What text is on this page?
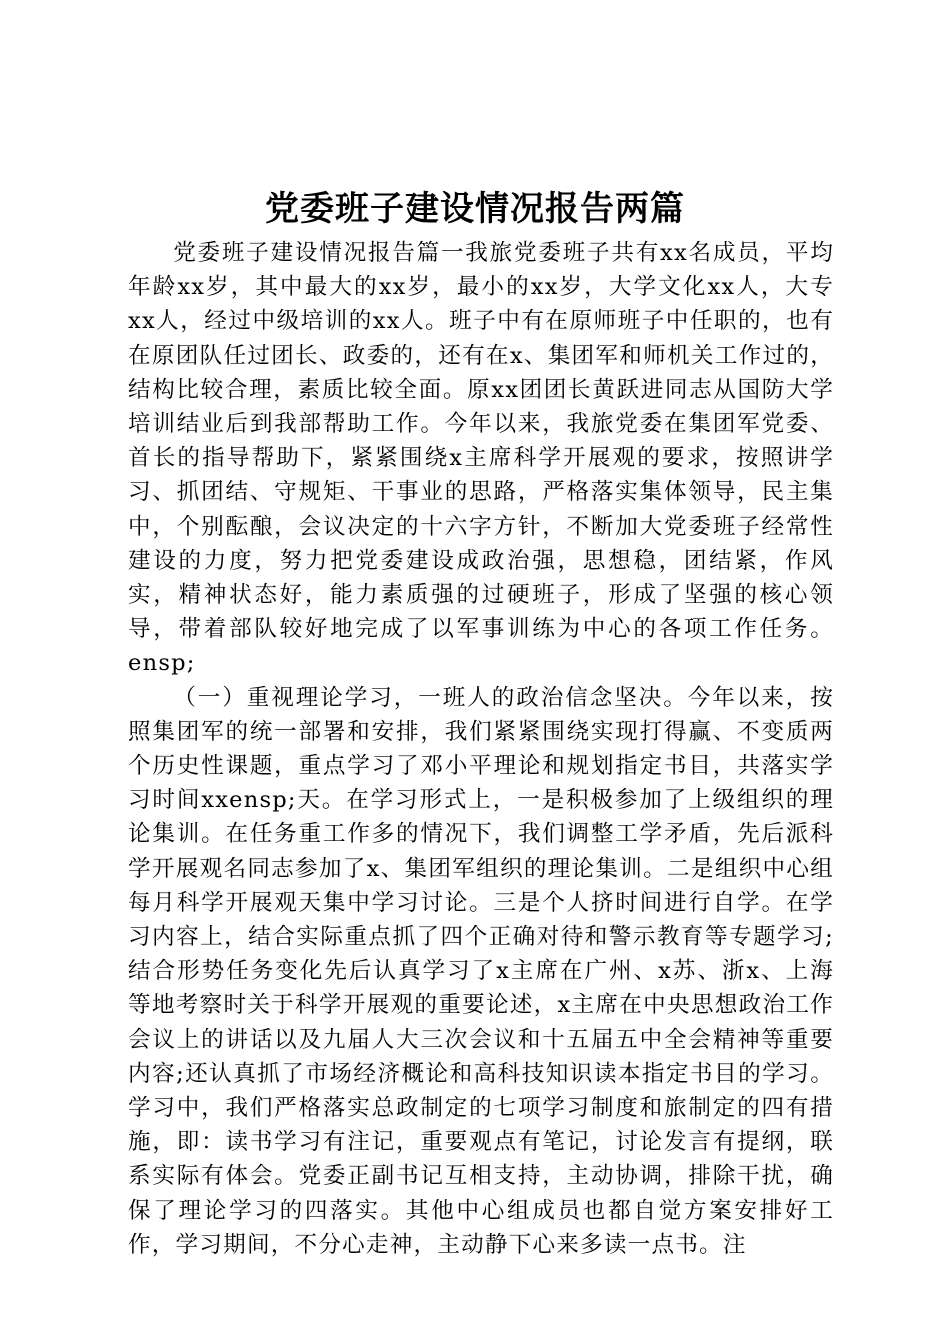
党委班子建设情况报告两篇

党委班子建设情况报告篇一我旅党委班子共有xx名成员，平均年龄xx岁，其中最大的xx岁，最小的xx岁，大学文化xx人，大专xx人，经过中级培训的xx人。班子中有在原师班子中任职的，也有在原团队任过团长、政委的，还有在x、集团军和师机关工作过的，结构比较合理，素质比较全面。原xx团团长黄跃进同志从国防大学培训结业后到我部帮助工作。今年以来，我旅党委在集团军党委、首长的指导帮助下，紧紧围绕x主席科学开展观的要求，按照讲学习、抓团结、守规矩、干事业的思路，严格落实集体领导，民主集中，个别酝酿，会议决定的十六字方针，不断加大党委班子经常性建设的力度，努力把党委建设成政治强，思想稳，团结紧，作风实，精神状态好，能力素质强的过硬班子，形成了坚强的核心领导，带着部队较好地完成了以军事训练为中心的各项工作任务。ensp;

（一）重视理论学习，一班人的政治信念坚决。今年以来，按照集团军的统一部署和安排，我们紧紧围绕实现打得赢、不变质两个历史性课题，重点学习了邓小平理论和规划指定书目，共落实学习时间xxensp;天。在学习形式上，一是积极参加了上级组织的理论集训。在任务重工作多的情况下，我们调整工学矛盾，先后派科学开展观名同志参加了x、集团军组织的理论集训。二是组织中心组每月科学开展观天集中学习讨论。三是个人挤时间进行自学。在学习内容上，结合实际重点抓了四个正确对待和警示教育等专题学习;结合形势任务变化先后认真学习了x主席在广州、x苏、浙x、上海等地考察时关于科学开展观的重要论述，x主席在中央思想政治工作会议上的讲话以及九届人大三次会议和十五届五中全会精神等重要内容;还认真抓了市场经济概论和高科技知识读本指定书目的学习。学习中，我们严格落实总政制定的七项学习制度和旅制定的四有措施，即：读书学习有注记，重要观点有笔记，讨论发言有提纲，联系实际有体会。党委正副书记互相支持，主动协调，排除干扰，确保了理论学习的四落实。其他中心组成员也都自觉方案安排好工作，学习期间，不分心走神，主动静下心来多读一点书。注
